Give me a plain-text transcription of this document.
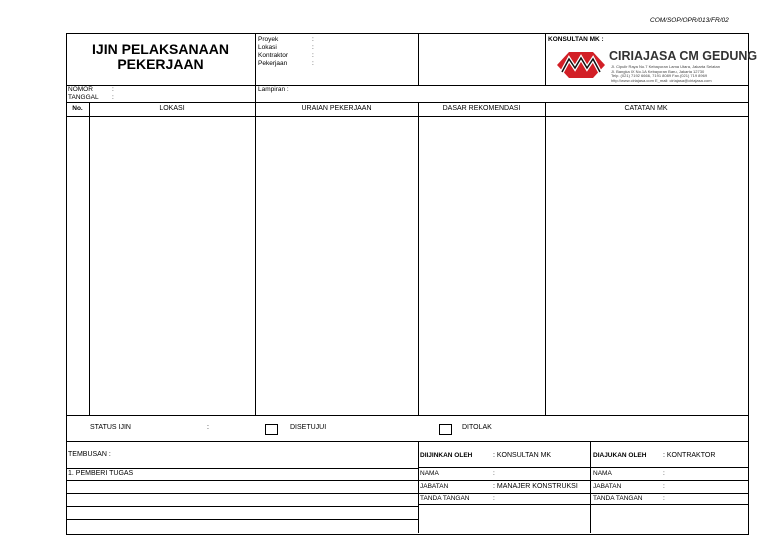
COM/SOP/OPR/013/FR/02
IJIN PELAKSANAAN
PEKERJAAN
Proyek	:
Lokasi	:
Kontraktor	:
Pekerjaan	:
KONSULTAN MK :
CIRIAJASA CM GEDUNG
Jl. Cipulir Raya No.7 Kebayoran Lama Utara, Jakarta Selatan
Jl. Bangka IX No.1A Kebayoran Baru, Jakarta 12730
Telp. (021) 7192 6666, 7191 8089 Fax.(021) 719 8969
http://www.ciriajasa.com E_mail: ciriajasa@ciriajasa.com
NOMOR	:
TANGGAL :
Lampiran :
No.	LOKASI	URAIAN PEKERJAAN	DASAR REKOMENDASI	CATATAN MK
STATUS IJIN	:	DISETUJUI	DITOLAK
TEMBUSAN :
1. PEMBERI TUGAS
DIIJINKAN OLEH	: KONSULTAN MK
NAMA	:
JABATAN	: MANAJER KONSTRUKSI
TANDA TANGAN	:
DIAJUKAN OLEH : KONTRAKTOR
NAMA	:
JABATAN	:
TANDA TANGAN	:
